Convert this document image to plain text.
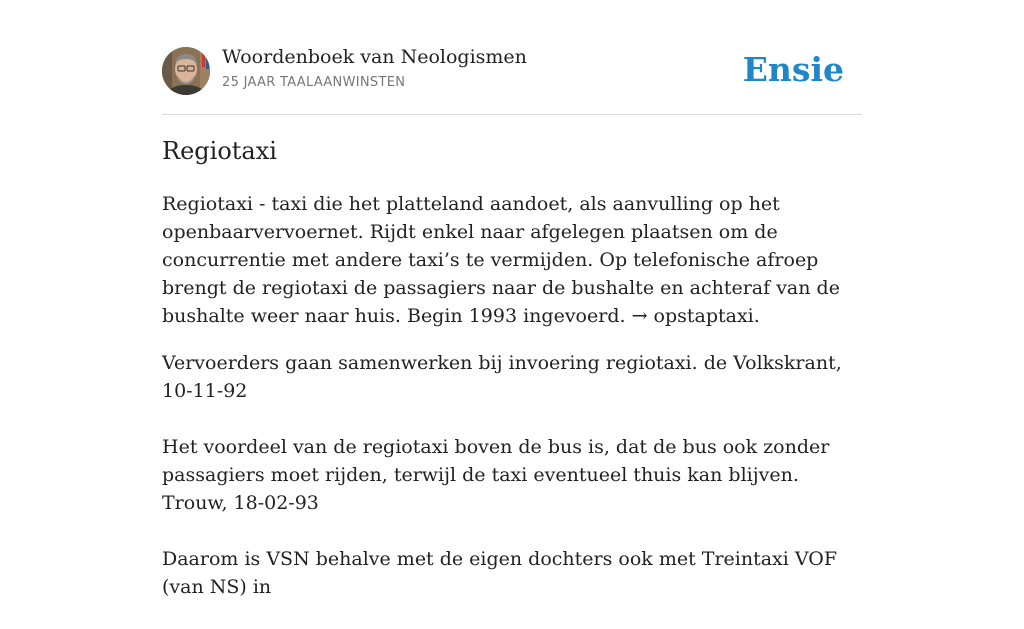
Woordenboek van Neologismen
25 JAAR TAALAANWINSTEN	Ensie
Regiotaxi

Regiotaxi - taxi die het platteland aandoet, als aanvulling op het openbaarvervoernet. Rijdt enkel naar afgelegen plaatsen om de concurrentie met andere taxi’s te vermijden. Op telefonische afroep brengt de regiotaxi de passagiers naar de bushalte en achteraf van de bushalte weer naar huis. Begin 1993 ingevoerd. → opstaptaxi.

Vervoerders gaan samenwerken bij invoering regiotaxi. de Volkskrant, 10-11-92

Het voordeel van de regiotaxi boven de bus is, dat de bus ook zonder passagiers moet rijden, terwijl de taxi eventueel thuis kan blijven. Trouw, 18-02-93

Daarom is VSN behalve met de eigen dochters ook met Treintaxi VOF (van NS) in
